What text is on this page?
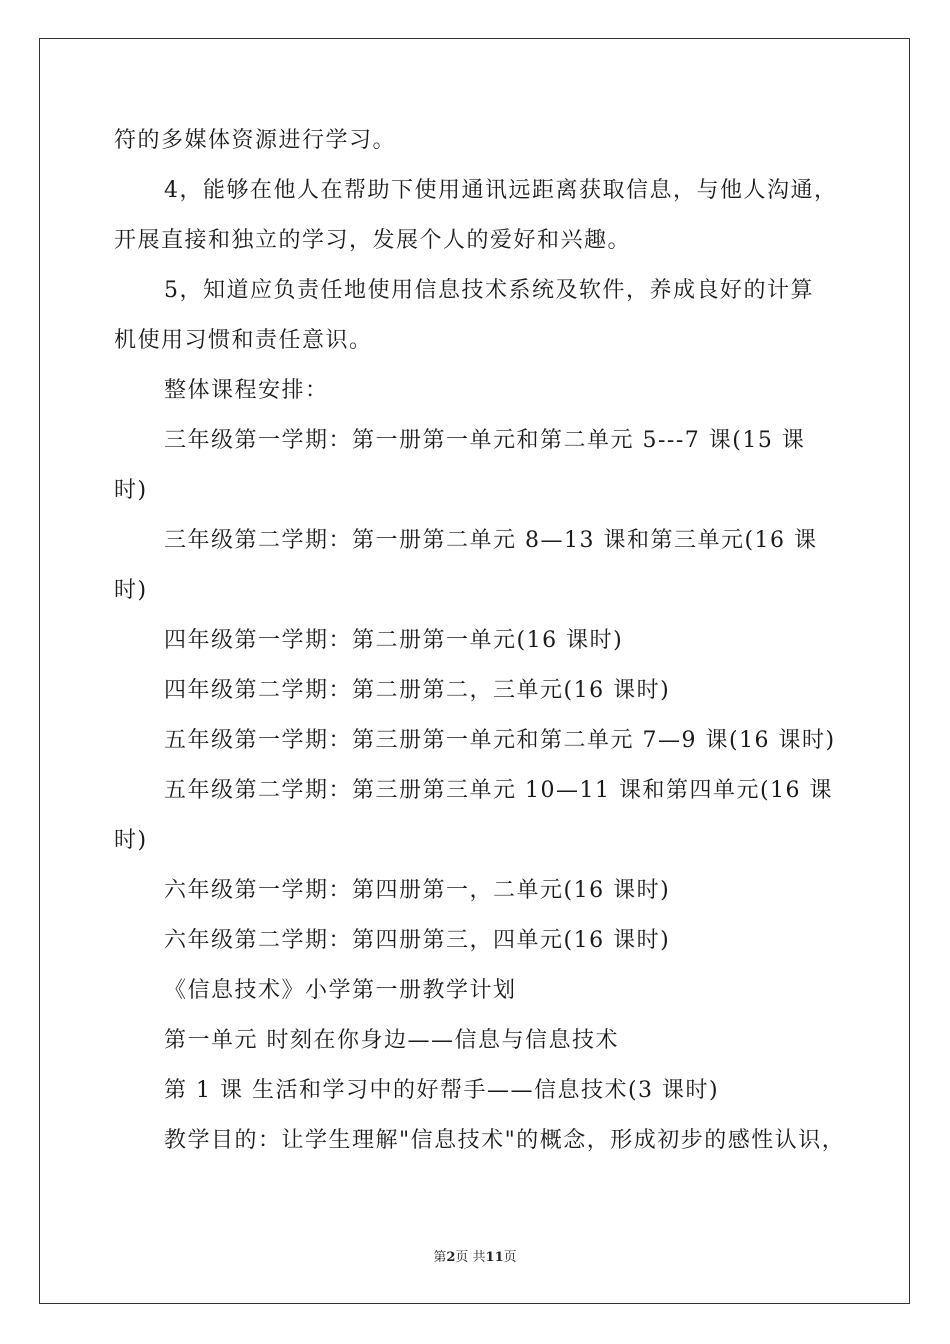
符的多媒体资源进行学习。
4，能够在他人在帮助下使用通讯远距离获取信息，与他人沟通，
开展直接和独立的学习，发展个人的爱好和兴趣。
5，知道应负责任地使用信息技术系统及软件，养成良好的计算
机使用习惯和责任意识。
整体课程安排：
三年级第一学期：第一册第一单元和第二单元 5---7 课(15 课
时)
三年级第二学期：第一册第二单元 8—13 课和第三单元(16 课
时)
四年级第一学期：第二册第一单元(16 课时)
四年级第二学期：第二册第二，三单元(16 课时)
五年级第一学期：第三册第一单元和第二单元 7—9 课(16 课时)
五年级第二学期：第三册第三单元 10—11 课和第四单元(16 课
时)
六年级第一学期：第四册第一，二单元(16 课时)
六年级第二学期：第四册第三，四单元(16 课时)
《信息技术》小学第一册教学计划
第一单元 时刻在你身边——信息与信息技术
第 1 课 生活和学习中的好帮手——信息技术(3 课时)
教学目的：让学生理解"信息技术"的概念，形成初步的感性认识，
第2页 共11页
